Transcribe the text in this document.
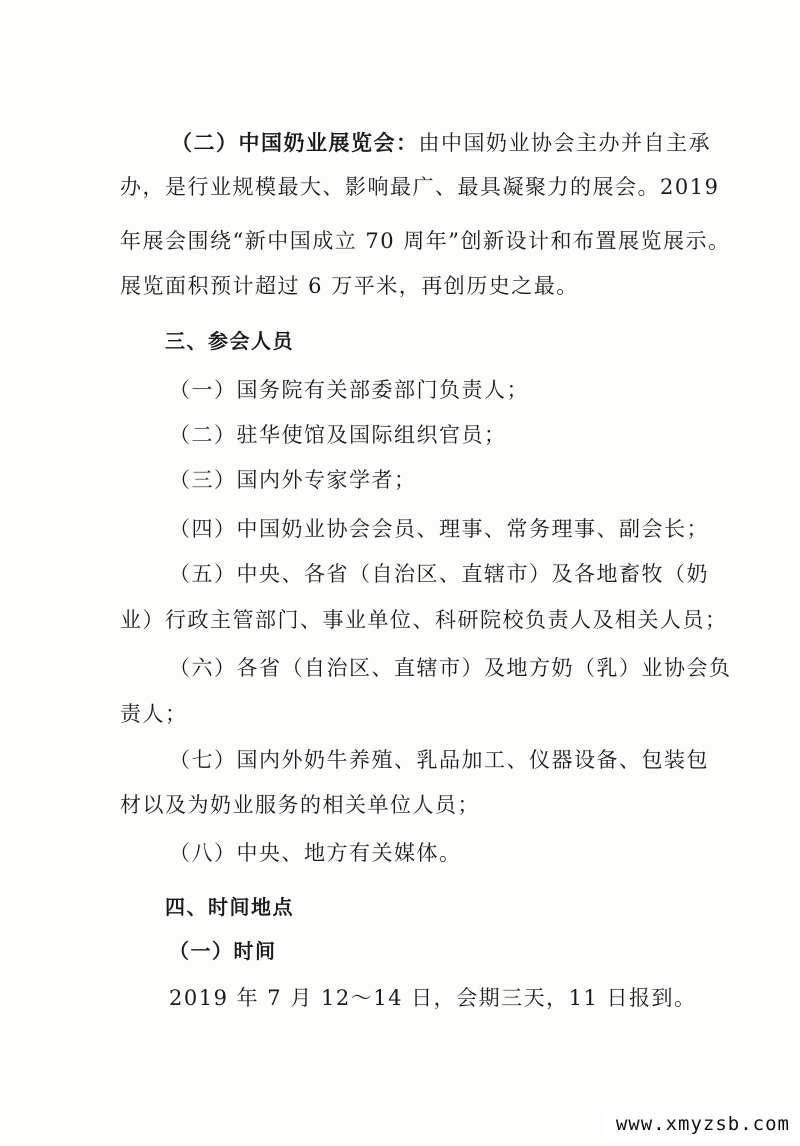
（二）中国奶业展览会：由中国奶业协会主办并自主承
办，是行业规模最大、影响最广、最具凝聚力的展会。2019
年展会围绕“新中国成立 70 周年”创新设计和布置展览展示。
展览面积预计超过 6 万平米，再创历史之最。
三、参会人员
（一）国务院有关部委部门负责人；
（二）驻华使馆及国际组织官员；
（三）国内外专家学者；
（四）中国奶业协会会员、理事、常务理事、副会长；
（五）中央、各省（自治区、直辖市）及各地畜牧（奶
业）行政主管部门、事业单位、科研院校负责人及相关人员；
（六）各省（自治区、直辖市）及地方奶（乳）业协会负
责人；
（七）国内外奶牛养殖、乳品加工、仪器设备、包装包
材以及为奶业服务的相关单位人员；
（八）中央、地方有关媒体。
四、时间地点
（一）时间
2019 年 7 月 12～14 日，会期三天，11 日报到。
www.xmyzsb.com
